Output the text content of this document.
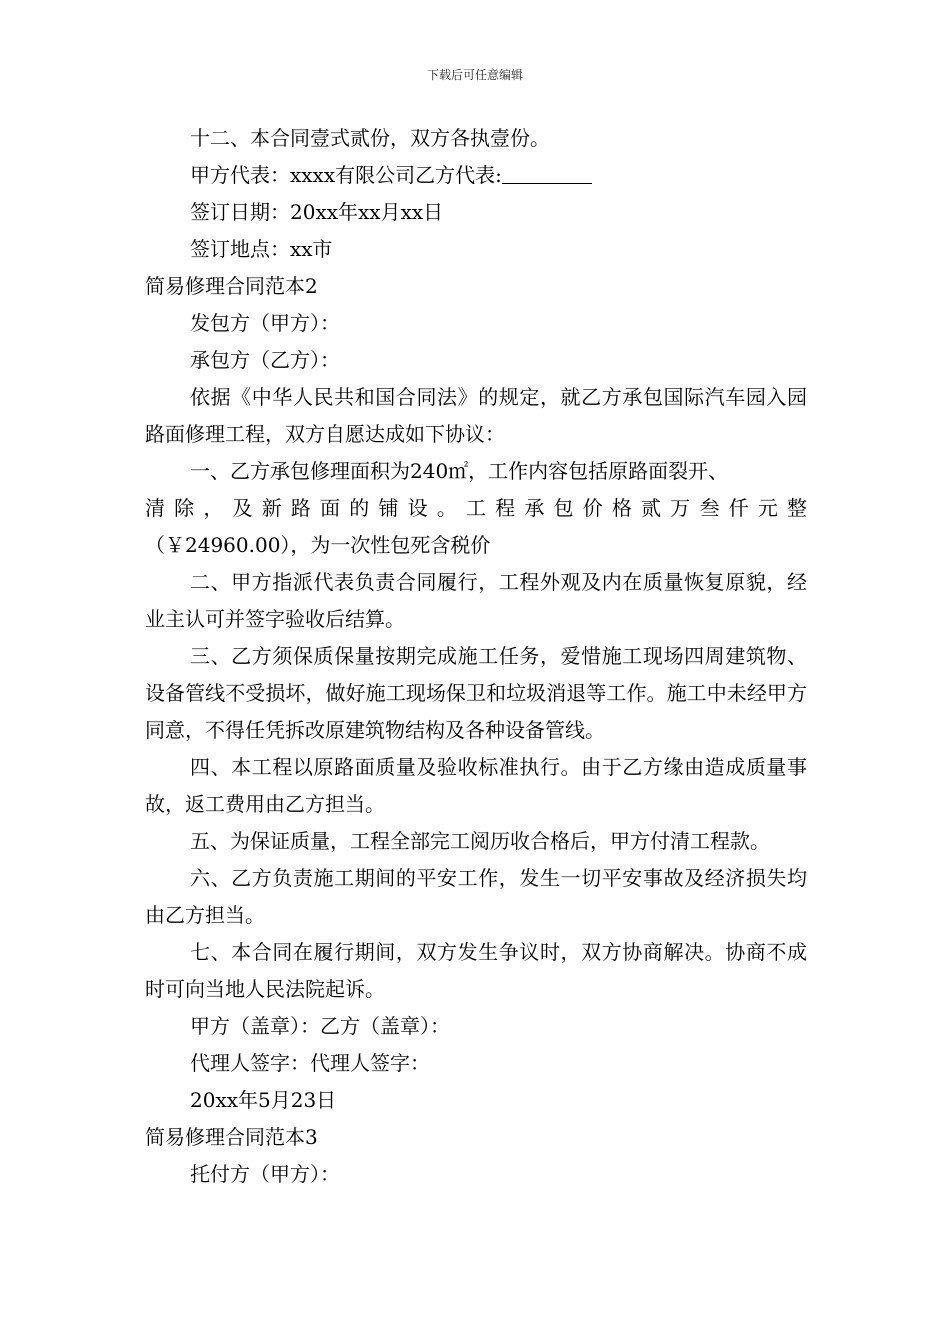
下载后可任意编辑

十二、本合同壹式贰份，双方各执壹份。

甲方代表：xxxx有限公司乙方代表:

签订日期：20xx年xx月xx日

签订地点：xx市

简易修理合同范本2

发包方（甲方）：

承包方（乙方）：

依据《中华人民共和国合同法》的规定，就乙方承包国际汽车园入园路面修理工程，双方自愿达成如下协议：

一、乙方承包修理面积为240㎡，工作内容包括原路面裂开、

清除，及新路面的铺设。工程承包价格贰万叁仟元整

（￥24960.00），为一次性包死含税价

二、甲方指派代表负责合同履行，工程外观及内在质量恢复原貌，经业主认可并签字验收后结算。

三、乙方须保质保量按期完成施工任务，爱惜施工现场四周建筑物、设备管线不受损坏，做好施工现场保卫和垃圾消退等工作。施工中未经甲方同意，不得任凭拆改原建筑物结构及各种设备管线。

四、本工程以原路面质量及验收标准执行。由于乙方缘由造成质量事故，返工费用由乙方担当。

五、为保证质量，工程全部完工阅历收合格后，甲方付清工程款。

六、乙方负责施工期间的平安工作，发生一切平安事故及经济损失均由乙方担当。

七、本合同在履行期间，双方发生争议时，双方协商解决。协商不成时可向当地人民法院起诉。

甲方（盖章）：乙方（盖章）：

代理人签字：代理人签字：

20xx年5月23日

简易修理合同范本3

托付方（甲方）：
